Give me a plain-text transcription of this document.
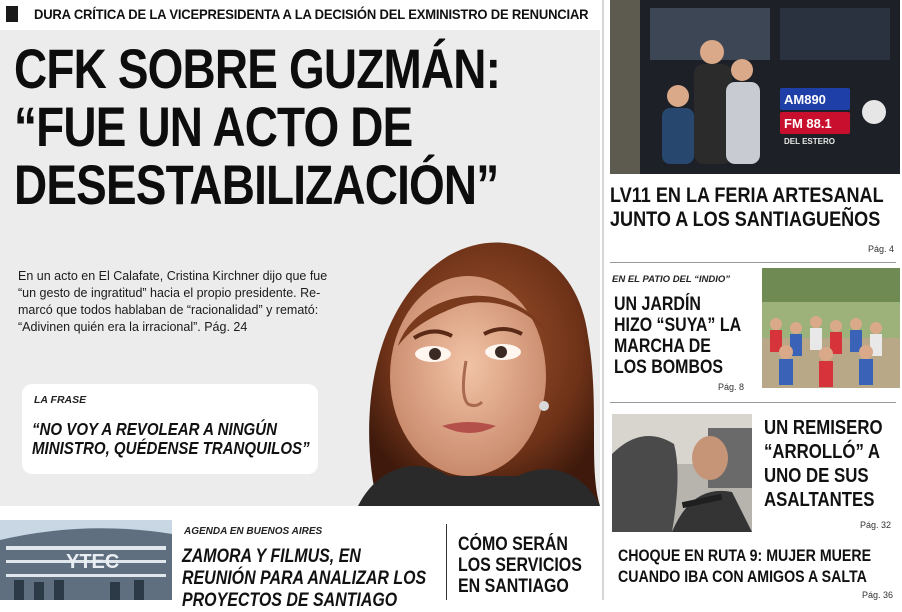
DURA CRÍTICA DE LA VICEPRESIDENTA A LA DECISIÓN DEL EXMINISTRO DE RENUNCIAR
CFK SOBRE GUZMÁN:
“FUE UN ACTO DE
DESESTABILIZACIÓN”
En un acto en El Calafate, Cristina Kirchner dijo que fue
“un gesto de ingratitud” hacia el propio presidente. Re-
marcó que todos hablaban de “racionalidad” y remató:
“Adivinen quién era la irracional”. Pág. 24
LA FRASE
“NO VOY A REVOLEAR A NINGÚN
MINISTRO, QUÉDENSE TRANQUILOS”
YTEC
AGENDA EN BUENOS AIRES
ZAMORA Y FILMUS, EN
REUNIÓN PARA ANALIZAR LOS
PROYECTOS DE SANTIAGO
CÓMO SERÁN
LOS SERVICIOS
EN SANTIAGO
AM890
FM 88.1
DEL ESTERO
LV11 EN LA FERIA ARTESANAL
JUNTO A LOS SANTIAGUEÑOS
Pág. 4
EN EL PATIO DEL “INDIO”
UN JARDÍN
HIZO “SUYA” LA
MARCHA DE
LOS BOMBOS
Pág. 8
UN REMISERO
“ARROLLÓ” A
UNO DE SUS
ASALTANTES
Pág. 32
CHOQUE EN RUTA 9: MUJER MUERE
CUANDO IBA CON AMIGOS A SALTA
Pág. 36
